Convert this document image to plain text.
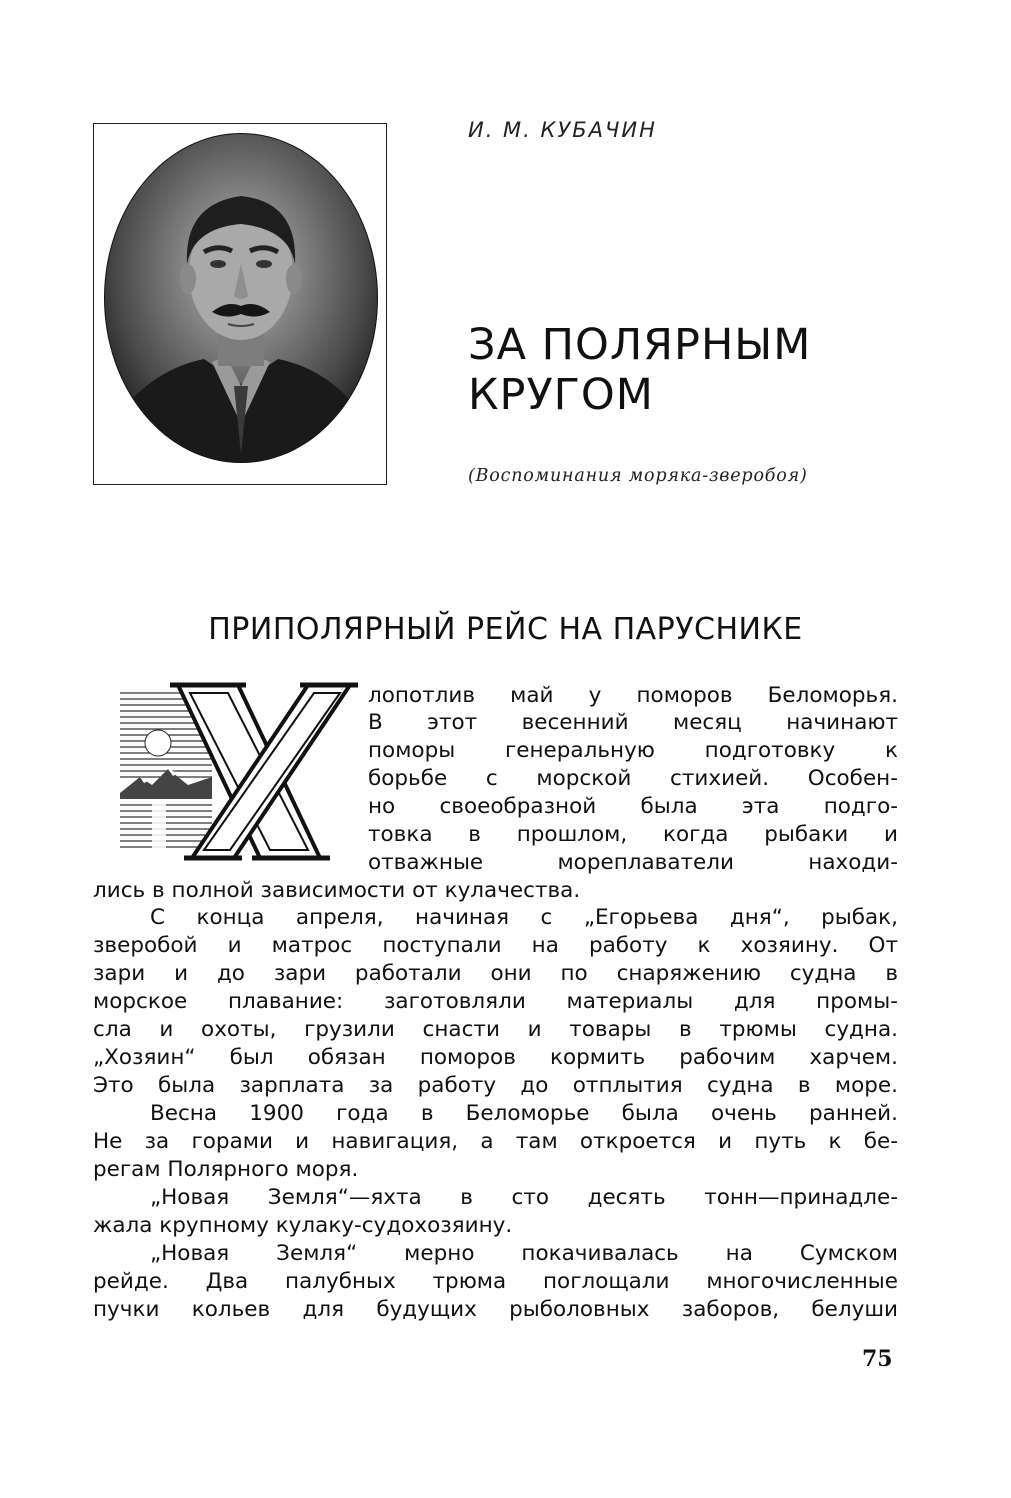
И. М. КУБАЧИН
ЗА ПОЛЯРНЫМ
КРУГОМ
(Воспоминания моряка-зверобоя)
ПРИПОЛЯРНЫЙ РЕЙС НА ПАРУСНИКЕ
лопотлив май у поморов Беломорья.
В этот весенний месяц начинают
поморы генеральную подготовку к
борьбе с морской стихией. Особен-
но своеобразной была эта подго-
товка в прошлом, когда рыбаки и
отважные мореплаватели находи-
лись в полной зависимости от кулачества.
С конца апреля, начиная с „Егорьева дня“, рыбак,
зверобой и матрос поступали на работу к хозяину. От
зари и до зари работали они по снаряжению судна в
морское плавание: заготовляли материалы для промы-
сла и охоты, грузили снасти и товары в трюмы судна.
„Хозяин“ был обязан поморов кормить рабочим харчем.
Это была зарплата за работу до отплытия судна в море.
Весна 1900 года в Беломорье была очень ранней.
Не за горами и навигация, а там откроется и путь к бе-
регам Полярного моря.
„Новая Земля“—яхта в сто десять тонн—принадле-
жала крупному кулаку-судохозяину.
„Новая Земля“ мерно покачивалась на Сумском
рейде. Два палубных трюма поглощали многочисленные
пучки кольев для будущих рыболовных заборов, белуши
75
